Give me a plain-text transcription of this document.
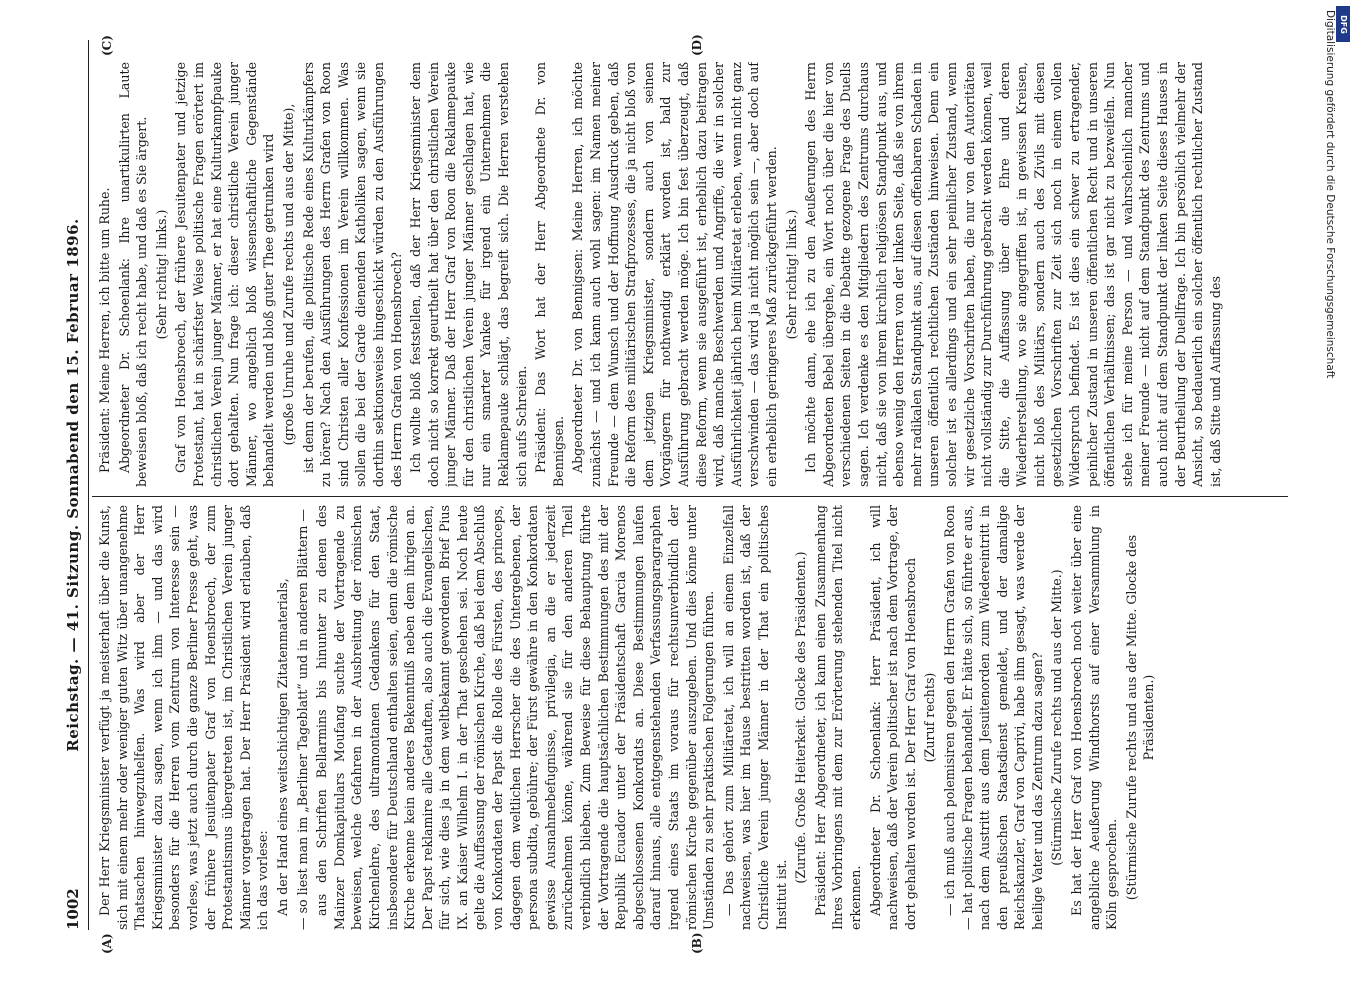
1002
Reichstag. — 41. Sitzung. Sonnabend den 15. Februar 1896. Der Herr Kriegsminister verfügt ja meisterhaft über die Kunst, sich mit einem mehr oder weniger guten Witz über unangenehme Thatsachen hinwegzuhelfen. Was wird aber der Herr Kriegsminister dazu sagen, wenn ich ihm — und das wird besonders für die Herren vom Zentrum von Interesse sein — vorlese, was jetzt auch durch die ganze Berliner Presse geht, was der frühere Jesuitenpater Graf von Hoensbroech, der zum Protestantismus übergetreten ist, im Christlichen Verein junger Männer vorgetragen hat. Der Herr Präsident wird erlauben, daß ich das vorlese: An der Hand eines weitschichtigen Zitatenmaterials, — so liest man im „Berliner Tageblatt“ und in anderen Blättern — aus den Schriften Bellarmins bis hinunter zu denen des Mainzer Domkapitulars Moufang suchte der Vortragende zu beweisen, welche Gefahren in der Ausbreitung der römischen Kirchenlehre, des ultramontanen Gedankens für den Staat, insbesondere für Deutschland enthalten seien, denn die römische Kirche erkenne kein anderes Bekenntniß neben dem ihrigen an. Der Papst reklamire alle Getauften, also auch die Evangelischen, für sich, wie dies ja in dem weltbekannt gewordenen Brief Pius IX. an Kaiser Wilhelm I. in der That geschehen sei. Noch heute gelte die Auffassung der römischen Kirche, daß bei dem Abschluß von Konkordaten der Papst die Rolle des Fürsten, des princeps, dagegen dem weltlichen Herrscher die des Untergebenen, der persona subdita, gebühre; der Fürst gewähre in den Konkordaten gewisse Ausnahmebefugnisse, privilegia, an die er jederzeit zurücknehmen könne, während sie für den anderen Theil verbindlich blieben. Zum Beweise für diese Behauptung führte der Vortragende die hauptsächlichen Bestimmungen des mit der Republik Ecuador unter der Präsidentschaft Garcia Morenos abgeschlossenen Konkordats an. Diese Bestimmungen laufen darauf hinaus, alle entgegenstehenden Verfassungsparagraphen irgend eines Staats im voraus für rechtsunverbindlich der römischen Kirche gegenüber auszugeben. Und dies könne unter Umständen zu sehr praktischen Folgerungen führen. — Das gehört zum Militäretat, ich will an einem Einzelfall nachweisen, was hier im Hause bestritten worden ist, daß der Christliche Verein junger Männer in der That ein politisches Institut ist.

(Zurufe. Große Heiterkeit. Glocke des Präsidenten.) Präsident: Herr Abgeordneter, ich kann einen Zusammenhang Ihres Vorbringens mit dem zur Erörterung stehenden Titel nicht erkennen. Abgeordneter Dr. Schoenlank: Herr Präsident, ich will nachweisen, daß der Verein politischer ist nach dem Vortrage, der dort gehalten worden ist. Der Herr Graf von Hoensbroech (Zuruf rechts) — ich muß auch polemisiren gegen den Herrn Grafen von Roon — hat politische Fragen behandelt. Er hätte sich, so führte er aus, nach dem Austritt aus dem Jesuitenorden zum Wiedereintritt in den preußischen Staatsdienst gemeldet, und der damalige Reichskanzler, Graf von Caprivi, habe ihm gesagt, was werde der heilige Vater und das Zentrum dazu sagen? (Stürmische Zurufe rechts und aus der Mitte.) Es hat der Herr Graf von Hoensbroech noch weiter über eine angebliche Aeußerung Windthorsts auf einer Versammlung in Köln gesprochen. (Stürmische Zurufe rechts und aus der Mitte. Glocke des Präsidenten.)

Präsident: Meine Herren, ich bitte um Ruhe. Abgeordneter Dr. Schoenlank: Ihre unartikulirten Laute beweisen bloß, daß ich recht habe, und daß es Sie ärgert. (Sehr richtig! links.) Graf von Hoensbroech, der frühere Jesuitenpater und jetzige Protestant, hat in schärfster Weise politische Fragen erörtert im christlichen Verein junger Männer, er hat eine Kulturkampfpauke dort gehalten. Nun frage ich: dieser christliche Verein junger Männer, wo angeblich bloß wissenschaftliche Gegenstände behandelt werden und bloß guter Thee getrunken wird (große Unruhe und Zurufe rechts und aus der Mitte), ist denn der berufen, die politische Rede eines Kulturkämpfers zu hören? Nach den Ausführungen des Herrn Grafen von Roon sind Christen aller Konfessionen im Verein willkommen. Was sollen die bei der Garde dienenden Katholiken sagen, wenn sie dorthin sektionsweise hingeschickt würden zu den Ausführungen des Herrn Grafen von Hoensbroech? Ich wollte bloß feststellen, daß der Herr Kriegsminister dem doch nicht so korrekt geurtheilt hat über den christlichen Verein junger Männer. Daß der Herr Graf von Roon die Reklamepauke für den christlichen Verein junger Männer geschlagen hat, wie nur ein smarter Yankee für irgend ein Unternehmen die Reklamepauke schlägt, das begreift sich. Die Herren verstehen sich aufs Schreien. Präsident: Das Wort hat der Herr Abgeordnete Dr. von Bennigsen. Abgeordneter Dr. von Bennigsen: Meine Herren, ich möchte zunächst — und ich kann auch wohl sagen: im Namen meiner Freunde — dem Wunsch und der Hoffnung Ausdruck geben, daß die Reform des militärischen Strafprozesses, die ja nicht bloß von dem jetzigen Kriegsminister, sondern auch von seinen Vorgängern für nothwendig erklärt worden ist, bald zur Ausführung gebracht werden möge. Ich bin fest überzeugt, daß diese Reform, wenn sie ausgeführt ist, erheblich dazu beitragen wird, daß manche Beschwerden und Angriffe, die wir in solcher Ausführlichkeit jährlich beim Militäretat erleben, wenn nicht ganz verschwinden — das wird ja nicht möglich sein —, aber doch auf ein erheblich geringeres Maß zurückgeführt werden. (Sehr richtig! links.) Ich möchte dann, ehe ich zu den Aeußerungen des Herrn Abgeordneten Bebel übergehe, ein Wort noch über die hier von verschiedenen Seiten in die Debatte gezogene Frage des Duells sagen. Ich verdenke es den Mitgliedern des Zentrums durchaus nicht, daß sie von ihrem kirchlich religiösen Standpunkt aus, und ebenso wenig den Herren von der linken Seite, daß sie von ihrem mehr radikalen Standpunkt aus, auf diesen offenbaren Schaden in unseren öffentlich rechtlichen Zuständen hinweisen. Denn ein solcher ist es allerdings und ein sehr peinlicher Zustand, wenn wir gesetzliche Vorschriften haben, die nur von den Autoritäten nicht vollständig zur Durchführung gebracht werden können, weil die Sitte, die Auffassung über die Ehre und deren Wiederherstellung, wo sie angegriffen ist, in gewissen Kreisen, nicht bloß des Militärs, sondern auch des Zivils mit diesen gesetzlichen Vorschriften zur Zeit sich noch in einem vollen Widerspruch befindet. Es ist dies ein schwer zu ertragender, peinlicher Zustand in unseren öffentlichen Recht und in unseren öffentlichen Verhältnissen; das ist gar nicht zu bezweifeln. Nun stehe ich für meine Person — und wahrscheinlich mancher meiner Freunde — nicht auf dem Standpunkt des Zentrums und auch nicht auf dem Standpunkt der linken Seite dieses Hauses in der Beurtheilung der Duellfrage. Ich bin persönlich vielmehr der Ansicht, so bedauerlich ein solcher öffentlich rechtlicher Zustand ist, daß Sitte und Auffassung des

(A)	(B)
(C)	(D)	Digitalisierung gefördert durch die Deutsche Forschungsgemeinschaft DFG
